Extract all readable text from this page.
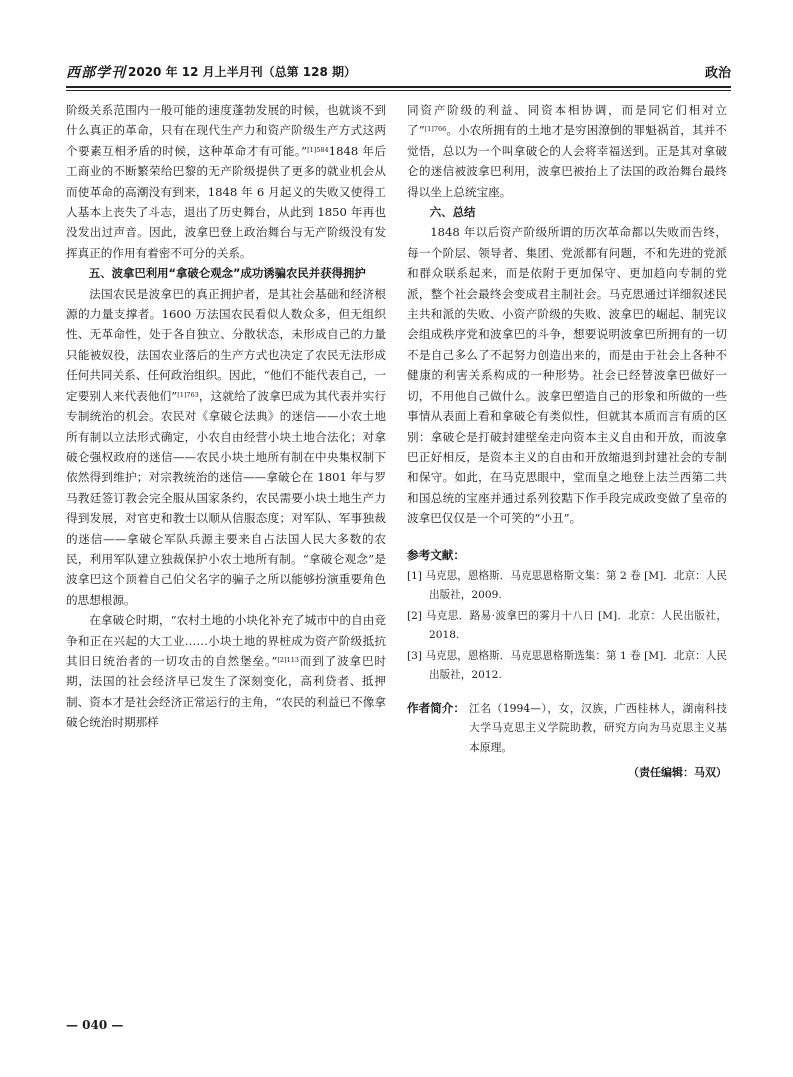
西部学刊 2020 年 12 月上半月刊（总第 128 期）	政治

阶级关系范围内一般可能的速度蓬勃发展的时候，也就谈不到什么真正的革命，只有在现代生产力和资产阶级生产方式这两个要素互相矛盾的时候，这种革命才有可能。”$^{[1]584}$1848 年后工商业的不断繁荣给巴黎的无产阶级提供了更多的就业机会从而使革命的高潮没有到来，1848 年 6 月起义的失败又使得工人基本上丧失了斗志，退出了历史舞台，从此到 1850 年再也没发出过声音。因此，波拿巴登上政治舞台与无产阶级没有发挥真正的作用有着密不可分的关系。

五、波拿巴利用“拿破仑观念”成功诱骗农民并获得拥护

法国农民是波拿巴的真正拥护者，是其社会基础和经济根源的力量支撑者。1600 万法国农民看似人数众多，但无组织性、无革命性，处于各自独立、分散状态，未形成自己的力量只能被奴役，法国农业落后的生产方式也决定了农民无法形成任何共同关系、任何政治组织。因此，“他们不能代表自己，一定要别人来代表他们”$^{[1]763}$，这就给了波拿巴成为其代表并实行专制统治的机会。农民对《拿破仑法典》的迷信——小农土地所有制以立法形式确定，小农自由经营小块土地合法化；对拿破仑强权政府的迷信——农民小块土地所有制在中央集权制下依然得到维护；对宗教统治的迷信——拿破仑在 1801 年与罗马教廷签订教会完全服从国家条约，农民需要小块土地生产力得到发展，对官吏和教士以顺从信服态度；对军队、军事独裁的迷信——拿破仑军队兵源主要来自占法国人民大多数的农民，利用军队建立独裁保护小农土地所有制。“拿破仑观念”是波拿巴这个顶着自己伯父名字的骗子之所以能够扮演重要角色的思想根源。

在拿破仑时期，“农村土地的小块化补充了城市中的自由竞争和正在兴起的大工业……小块土地的界桩成为资产阶级抵抗其旧日统治者的一切攻击的自然堡垒。”$^{[2]113}$而到了波拿巴时期，法国的社会经济早已发生了深刻变化，高利贷者、抵押制、资本才是社会经济正常运行的主角，“农民的利益已不像拿破仑统治时期那样

同资产阶级的利益、同资本相协调，而是同它们相对立了”$^{[1]766}$。小农所拥有的土地才是穷困潦倒的罪魁祸首，其并不觉悟，总以为一个叫拿破仑的人会将幸福送到。正是其对拿破仑的迷信被波拿巴利用，波拿巴被抬上了法国的政治舞台最终得以坐上总统宝座。

六、总结

1848 年以后资产阶级所谓的历次革命都以失败而告终，每一个阶层、领导者、集团、党派都有问题，不和先进的党派和群众联系起来，而是依附于更加保守、更加趋向专制的党派，整个社会最终会变成君主制社会。马克思通过详细叙述民主共和派的失败、小资产阶级的失败、波拿巴的崛起、制宪议会组成秩序党和波拿巴的斗争，想要说明波拿巴所拥有的一切不是自己多么了不起努力创造出来的，而是由于社会上各种不健康的利害关系构成的一种形势。社会已经替波拿巴做好一切，不用他自己做什么。波拿巴塑造自己的形象和所做的一些事情从表面上看和拿破仑有类似性，但就其本质而言有质的区别：拿破仑是打破封建壁垒走向资本主义自由和开放，而波拿巴正好相反，是资本主义的自由和开放缩退到封建社会的专制和保守。如此，在马克思眼中，堂而皇之地登上法兰西第二共和国总统的宝座并通过系列狡黠下作手段完成政变做了皇帝的波拿巴仅仅是一个可笑的“小丑”。

参考文献：
[1] 马克思，恩格斯．马克思恩格斯文集：第 2 卷 [M]．北京：人民出版社，2009.
[2] 马克思．路易·波拿巴的雾月十八日 [M]．北京：人民出版社，2018.
[3] 马克思，恩格斯．马克思恩格斯选集：第 1 卷 [M]．北京：人民出版社，2012.
作者简介： 江名（1994—），女，汉族，广西桂林人，湖南科技大学马克思主义学院助教，研究方向为马克思主义基本原理。
（责任编辑：马双）
— 040 —
